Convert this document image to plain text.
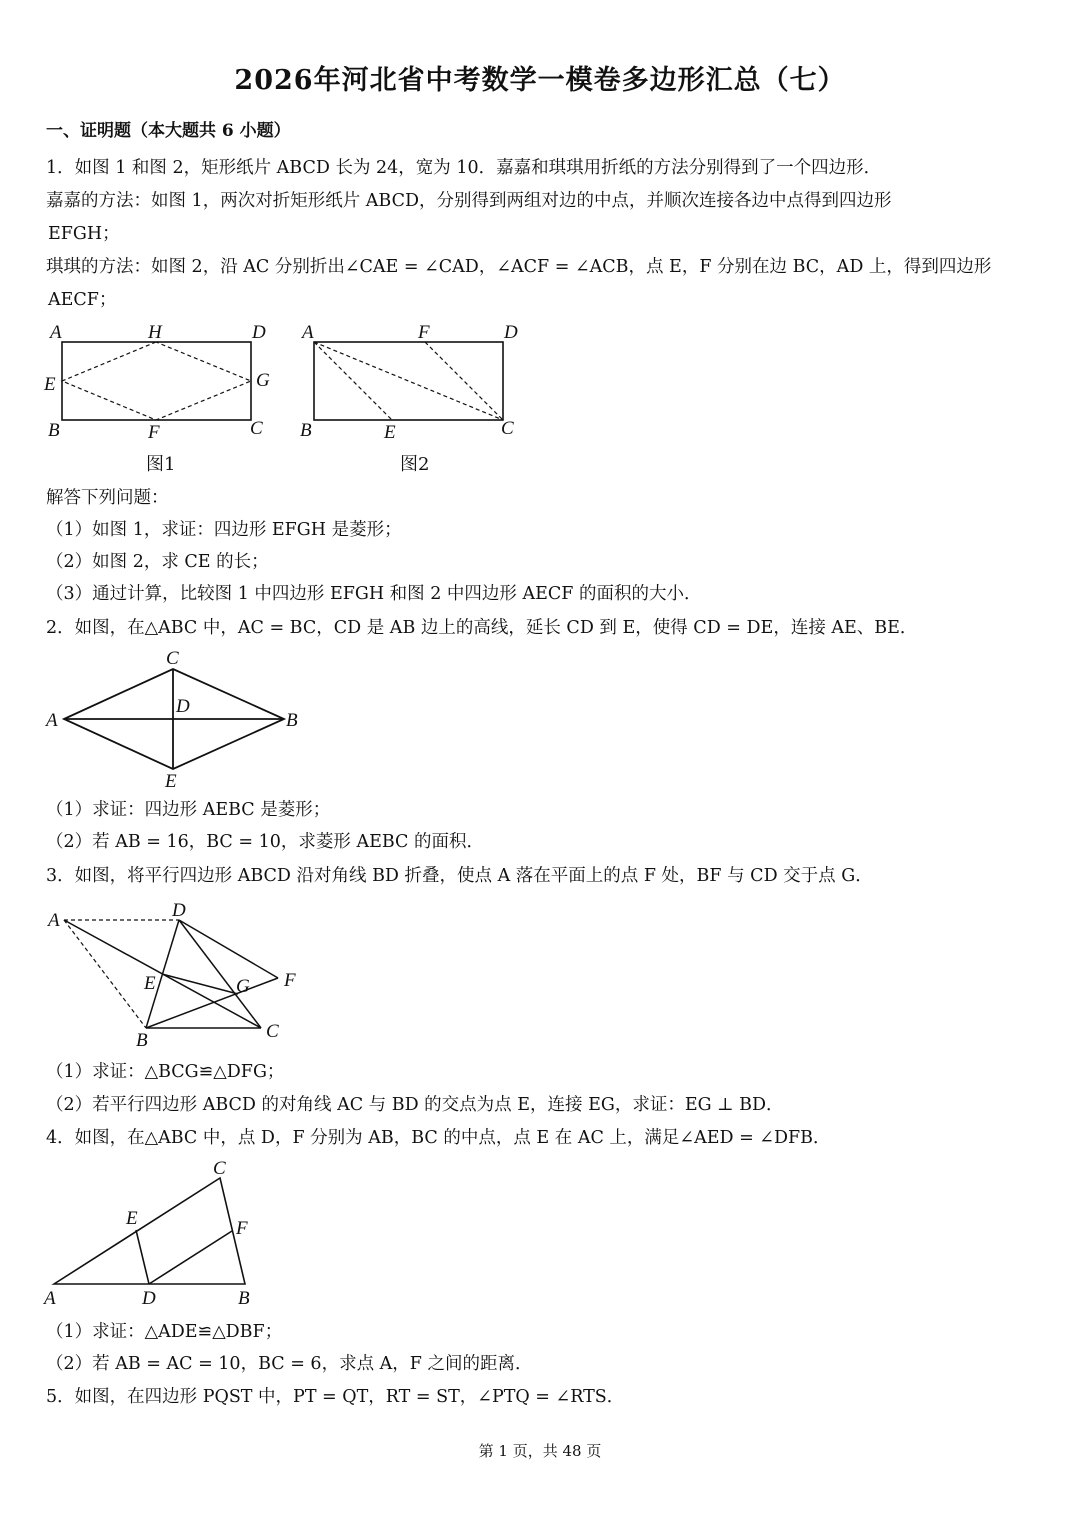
2026年河北省中考数学一模卷多边形汇总（七）
一、证明题（本大题共 6 小题）
1．如图 1 和图 2，矩形纸片 ABCD 长为 24，宽为 10．嘉嘉和琪琪用折纸的方法分别得到了一个四边形．
嘉嘉的方法：如图 1，两次对折矩形纸片 ABCD，分别得到两组对边的中点，并顺次连接各边中点得到四边形
EFGH；
琪琪的方法：如图 2，沿 AC 分别折出∠CAE = ∠CAD，∠ACF = ∠ACB，点 E，F 分别在边 BC，AD 上，得到四边形
AECF；
A	H	D
E	G
B	F	C
图1
A	F	D
B	E	C
图2
解答下列问题：
（1）如图 1，求证：四边形 EFGH 是菱形；
（2）如图 2，求 CE 的长；
（3）通过计算，比较图 1 中四边形 EFGH 和图 2 中四边形 AECF 的面积的大小．
2．如图，在△ABC 中，AC = BC，CD 是 AB 边上的高线，延长 CD 到 E，使得 CD = DE，连接 AE、BE．
C
A
D
B
E
（1）求证：四边形 AEBC 是菱形；
（2）若 AB = 16，BC = 10，求菱形 AEBC 的面积．
3．如图，将平行四边形 ABCD 沿对角线 BD 折叠，使点 A 落在平面上的点 F 处，BF 与 CD 交于点 G．
A	D
F
E	G
B	C
（1）求证：△BCG≌△DFG；
（2）若平行四边形 ABCD 的对角线 AC 与 BD 的交点为点 E，连接 EG，求证：EG ⊥ BD．
4．如图，在△ABC 中，点 D，F 分别为 AB，BC 的中点，点 E 在 AC 上，满足∠AED = ∠DFB．
C
E	F
A	D	B
（1）求证：△ADE≌△DBF；
（2）若 AB = AC = 10，BC = 6，求点 A，F 之间的距离．
5．如图，在四边形 PQST 中，PT = QT，RT = ST，∠PTQ = ∠RTS．
第 1 页，共 48 页
